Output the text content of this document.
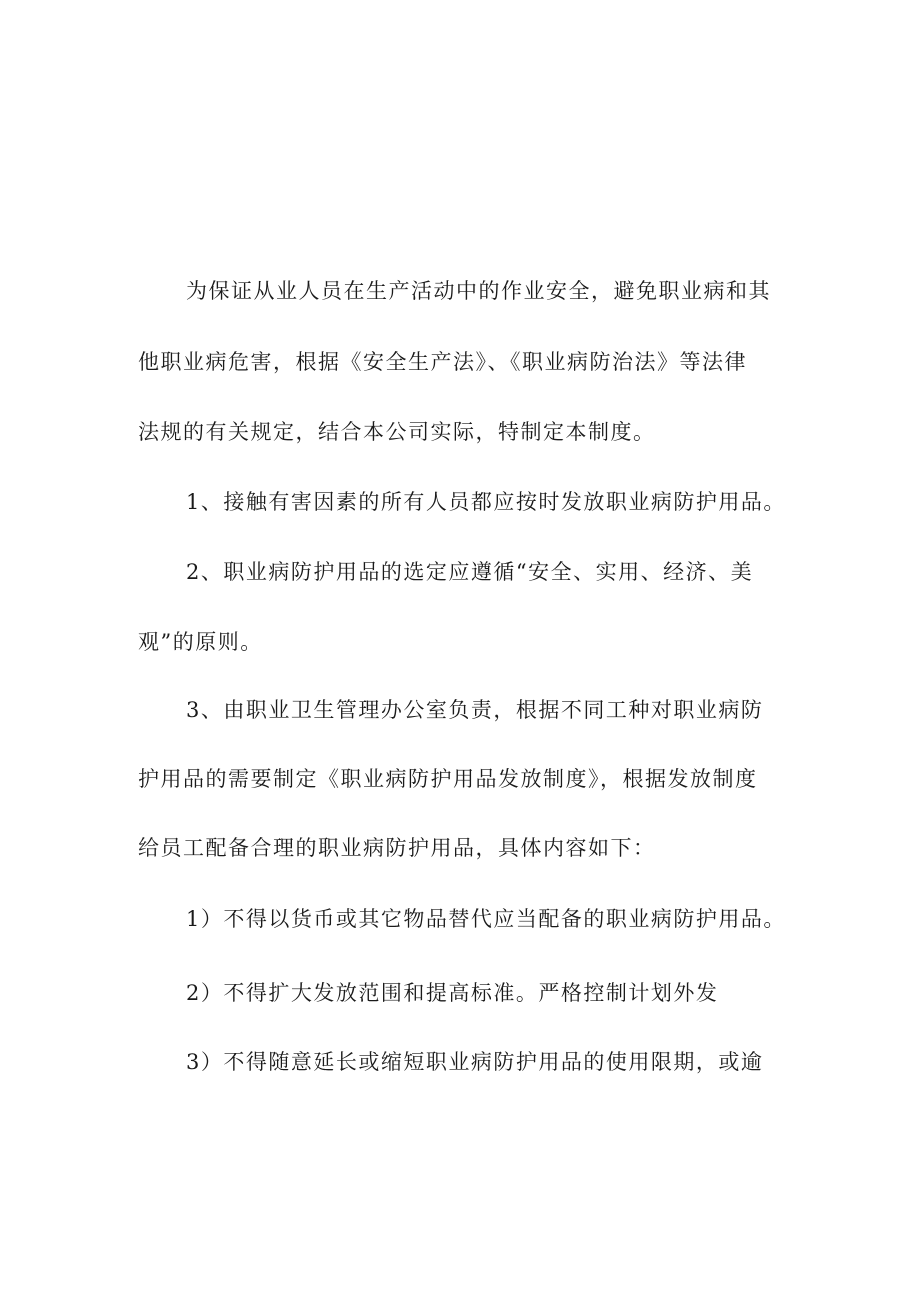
为保证从业人员在生产活动中的作业安全，避免职业病和其

他职业病危害，根据《安全生产法》、《职业病防治法》等法律

法规的有关规定，结合本公司实际，特制定本制度。

1、接触有害因素的所有人员都应按时发放职业病防护用品。

2、职业病防护用品的选定应遵循“安全、实用、经济、美

观”的原则。

3、由职业卫生管理办公室负责，根据不同工种对职业病防

护用品的需要制定《职业病防护用品发放制度》，根据发放制度

给员工配备合理的职业病防护用品，具体内容如下：

1）不得以货币或其它物品替代应当配备的职业病防护用品。

2）不得扩大发放范围和提高标准。严格控制计划外发

3）不得随意延长或缩短职业病防护用品的使用限期，或逾
